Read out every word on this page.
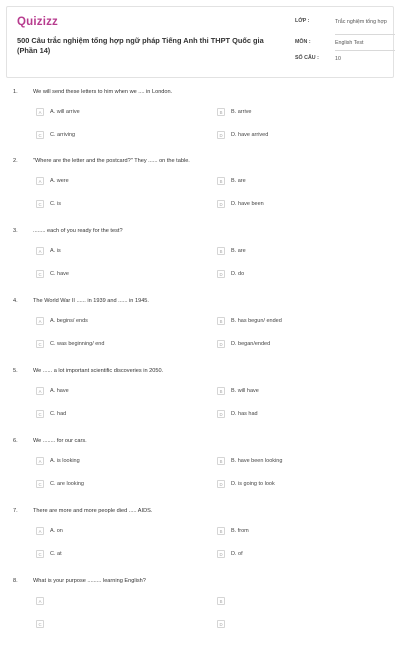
Quizizz
500 Câu trắc nghiệm tổng hợp ngữ pháp Tiếng Anh thi THPT Quốc gia (Phần 14)
LỚP :	Trắc nghiệm tổng hợp
MÔN :	English Test
SỐ CÂU :	10
1.	We will send these letters to him when we .... in London.
A	A. will arrive	B	B. arrive
C	C. arriving	D	D. have arrived
2.	"Where are the letter and the postcard?" They ...... on the table.
A	A. were	B	B. are
C	C. is	D	D. have been
3.	........ each of you ready for the test?
A	A. is	B	B. are
C	C. have	D	D. do
4.	The World War II ...... in 1939 and ...... in 1945.
A	A. begins/ ends	B	B. has begun/ ended
C	C. was beginning/ end	D	D. began/ended
5.	We ...... a lot important scientific discoveries in 2050.
A	A. have	B	B. will have
C	C. had	D	D. has had
6.	We ........ for our cars.
A	A. is looking	B	B. have been looking
C	C. are looking	D	D. is going to look
7.	There are more and more people died ..... AIDS.
A	A. on	B	B. from
C	C. at	D	D. of
8.	What is your purpose ......... learning English?
A	B
C	D
